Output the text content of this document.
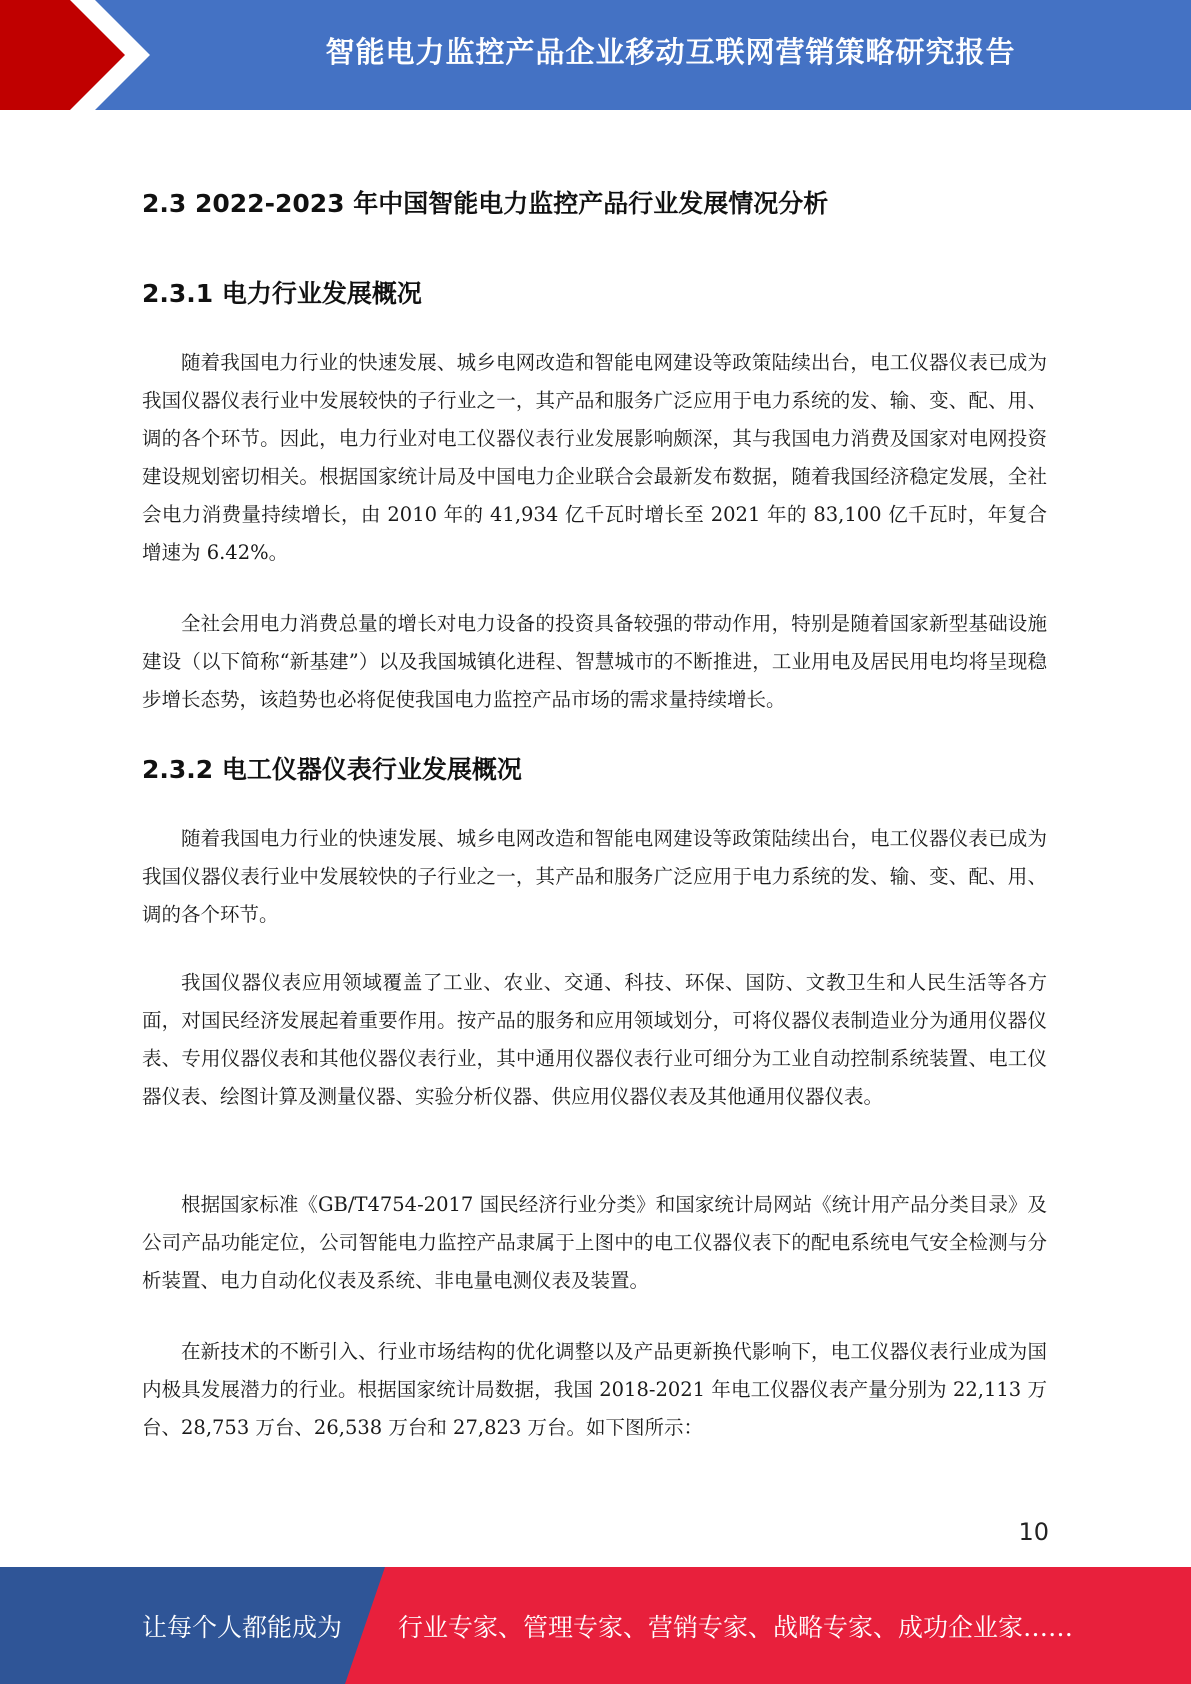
智能电力监控产品企业移动互联网营销策略研究报告
2.3 2022-2023 年中国智能电力监控产品行业发展情况分析
2.3.1 电力行业发展概况

随着我国电力行业的快速发展、城乡电网改造和智能电网建设等政策陆续出台，电工仪器仪表已成为我国仪器仪表行业中发展较快的子行业之一，其产品和服务广泛应用于电力系统的发、输、变、配、用、调的各个环节。因此，电力行业对电工仪器仪表行业发展影响颇深，其与我国电力消费及国家对电网投资建设规划密切相关。根据国家统计局及中国电力企业联合会最新发布数据，随着我国经济稳定发展，全社会电力消费量持续增长，由 2010 年的 41,934 亿千瓦时增长至 2021 年的 83,100 亿千瓦时，年复合增速为 6.42%。

全社会用电力消费总量的增长对电力设备的投资具备较强的带动作用，特别是随着国家新型基础设施建设（以下简称“新基建”）以及我国城镇化进程、智慧城市的不断推进，工业用电及居民用电均将呈现稳步增长态势，该趋势也必将促使我国电力监控产品市场的需求量持续增长。

2.3.2 电工仪器仪表行业发展概况

随着我国电力行业的快速发展、城乡电网改造和智能电网建设等政策陆续出台，电工仪器仪表已成为我国仪器仪表行业中发展较快的子行业之一，其产品和服务广泛应用于电力系统的发、输、变、配、用、调的各个环节。

我国仪器仪表应用领域覆盖了工业、农业、交通、科技、环保、国防、文教卫生和人民生活等各方面，对国民经济发展起着重要作用。按产品的服务和应用领域划分，可将仪器仪表制造业分为通用仪器仪表、专用仪器仪表和其他仪器仪表行业，其中通用仪器仪表行业可细分为工业自动控制系统装置、电工仪器仪表、绘图计算及测量仪器、实验分析仪器、供应用仪器仪表及其他通用仪器仪表。

根据国家标准《GB/T4754-2017 国民经济行业分类》和国家统计局网站《统计用产品分类目录》及公司产品功能定位，公司智能电力监控产品隶属于上图中的电工仪器仪表下的配电系统电气安全检测与分析装置、电力自动化仪表及系统、非电量电测仪表及装置。

在新技术的不断引入、行业市场结构的优化调整以及产品更新换代影响下，电工仪器仪表行业成为国内极具发展潜力的行业。根据国家统计局数据，我国 2018-2021 年电工仪器仪表产量分别为 22,113 万台、28,753 万台、26,538 万台和 27,823 万台。如下图所示：

10
让每个人都能成为 行业专家、管理专家、营销专家、战略专家、成功企业家……
